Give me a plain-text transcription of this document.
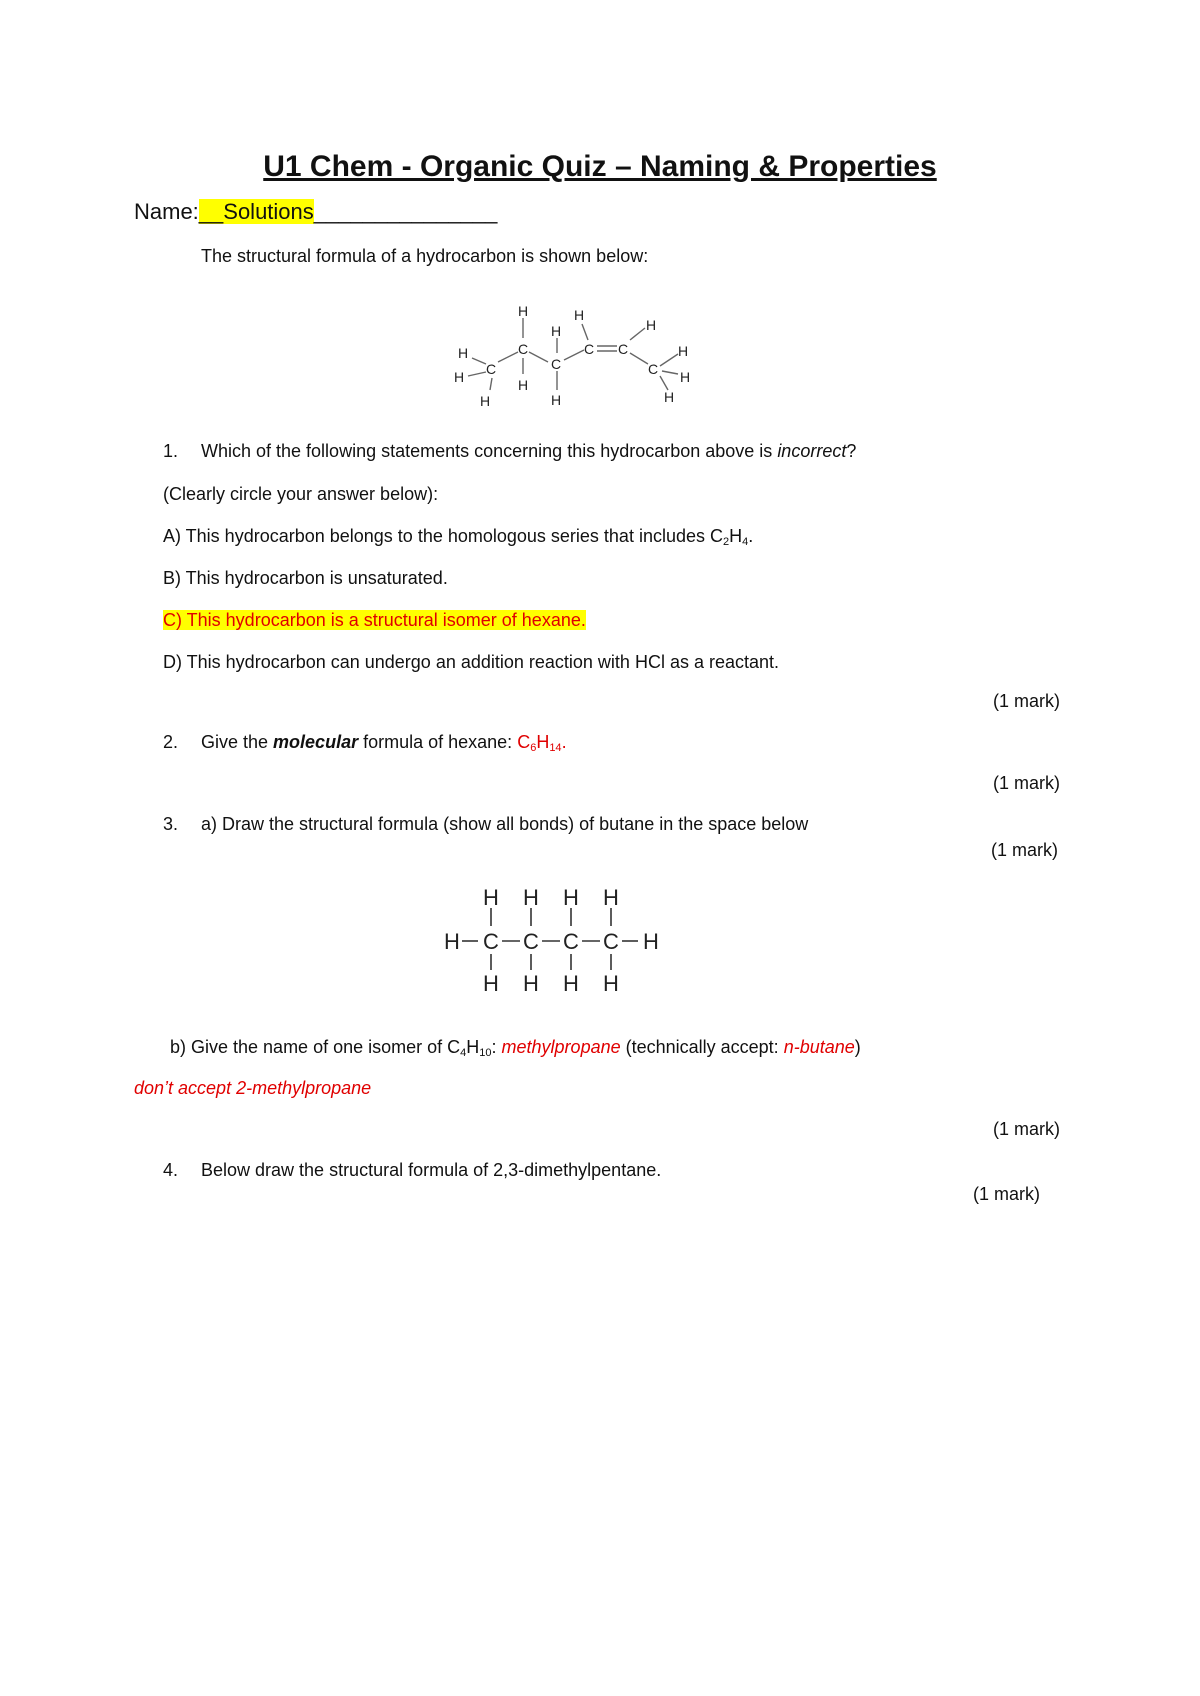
U1 Chem - Organic Quiz – Naming & Properties
Name:__Solutions_______________
The structural formula of a hydrocarbon is shown below:
H
H C
H
H
C
H
H
C
H
H
C C
H
C
H
H
H
1. Which of the following statements concerning this hydrocarbon above is incorrect?
(Clearly circle your answer below):
A) This hydrocarbon belongs to the homologous series that includes $C_2H_4$.
B) This hydrocarbon is unsaturated.
C) This hydrocarbon is a structural isomer of hexane.
D) This hydrocarbon can undergo an addition reaction with HCl as a reactant.
(1 mark)
2. Give the molecular formula of hexane: $C_6H_{14}$.
(1 mark)
3. a) Draw the structural formula (show all bonds) of butane in the space below
(1 mark)
H H H H
H C C C C H
H H H H
b) Give the name of one isomer of $C_4H_{10}$: methylpropane (technically accept: n-butane)
don’t accept 2-methylpropane
(1 mark)
4. Below draw the structural formula of 2,3-dimethylpentane.
(1 mark)
